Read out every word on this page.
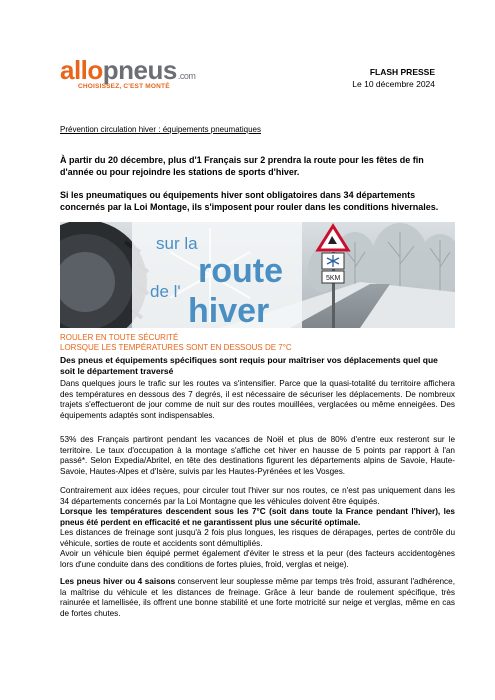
allopneus.com
CHOISISSEZ, C'EST MONTÉ
FLASH PRESSE
Le 10 décembre 2024
Prévention circulation hiver : équipements pneumatiques

À partir du 20 décembre, plus d'1 Français sur 2 prendra la route pour les fêtes de fin d'année ou pour rejoindre les stations de sports d'hiver.

Si les pneumatiques ou équipements hiver sont obligatoires dans 34 départements concernés par la Loi Montage, ils s'imposent pour rouler dans les conditions hivernales.

sur la
route
de l'
hiver
5KM
ROULER EN TOUTE SÉCURITÉ
LORSQUE LES TEMPÉRATURES SONT EN DESSOUS DE 7°C
Des pneus et équipements spécifiques sont requis pour maîtriser vos déplacements quel que soit le département traversé
Dans quelques jours le trafic sur les routes va s'intensifier. Parce que la quasi-totalité du territoire affichera des températures en dessous des 7 degrés, il est nécessaire de sécuriser les déplacements. De nombreux trajets s'effectueront de jour comme de nuit sur des routes mouillées, verglacées ou même enneigées. Des équipements adaptés sont indispensables.
53% des Français partiront pendant les vacances de Noël et plus de 80% d'entre eux resteront sur le territoire. Le taux d'occupation à la montage s'affiche cet hiver en hausse de 5 points par rapport à l'an passé*. Selon Expedia/Abritel, en tête des destinations figurent les départements alpins de Savoie, Haute-Savoie, Hautes-Alpes et d'Isère, suivis par les Hautes-Pyrénées et les Vosges.
Contrairement aux idées reçues, pour circuler tout l'hiver sur nos routes, ce n'est pas uniquement dans les 34 départements concernés par la Loi Montagne que les véhicules doivent être équipés.
Lorsque les températures descendent sous les 7°C (soit dans toute la France pendant l'hiver), les pneus été perdent en efficacité et ne garantissent plus une sécurité optimale.
Les distances de freinage sont jusqu'à 2 fois plus longues, les risques de dérapages, pertes de contrôle du véhicule, sorties de route et accidents sont démultipliés.
Avoir un véhicule bien équipé permet également d'éviter le stress et la peur (des facteurs accidentogènes lors d'une conduite dans des conditions de fortes pluies, froid, verglas et neige).
Les pneus hiver ou 4 saisons conservent leur souplesse même par temps très froid, assurant l'adhérence, la maîtrise du véhicule et les distances de freinage. Grâce à leur bande de roulement spécifique, très rainurée et lamellisée, ils offrent une bonne stabilité et une forte motricité sur neige et verglas, même en cas de fortes chutes.
